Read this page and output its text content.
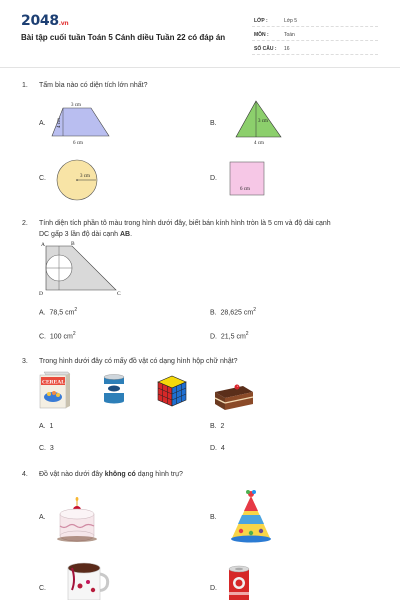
2048.vn
Bài tập cuối tuần Toán 5 Cánh diều Tuần 22 có đáp án
LỚP :	Lớp 5
MÔN :	Toán
SỐ CÂU : 16
1. Tấm bìa nào có diện tích lớn nhất?
A.
3 cm
4 cm
6 cm
B.	3 cm
4 cm
C.	3 cm	D.
6 cm
2. Tính diện tích phần tô màu trong hình dưới đây, biết bán kính hình tròn là 5 cm và độ dài cạnh
DC gấp 3 lần độ dài cạnh AB.
A	B
D	C
A. 78,5 $cm^2$	B. 28,625 $cm^2$
C. 100 $cm^2$	D. 21,5 $cm^2$
3. Trong hình dưới đây có mấy đồ vật có dạng hình hộp chữ nhật?
CEREAL
A. 1	B. 2
C. 3	D. 4
4. Đồ vật nào dưới đây không có dạng hình trụ?
A.	B.
C.	D.
